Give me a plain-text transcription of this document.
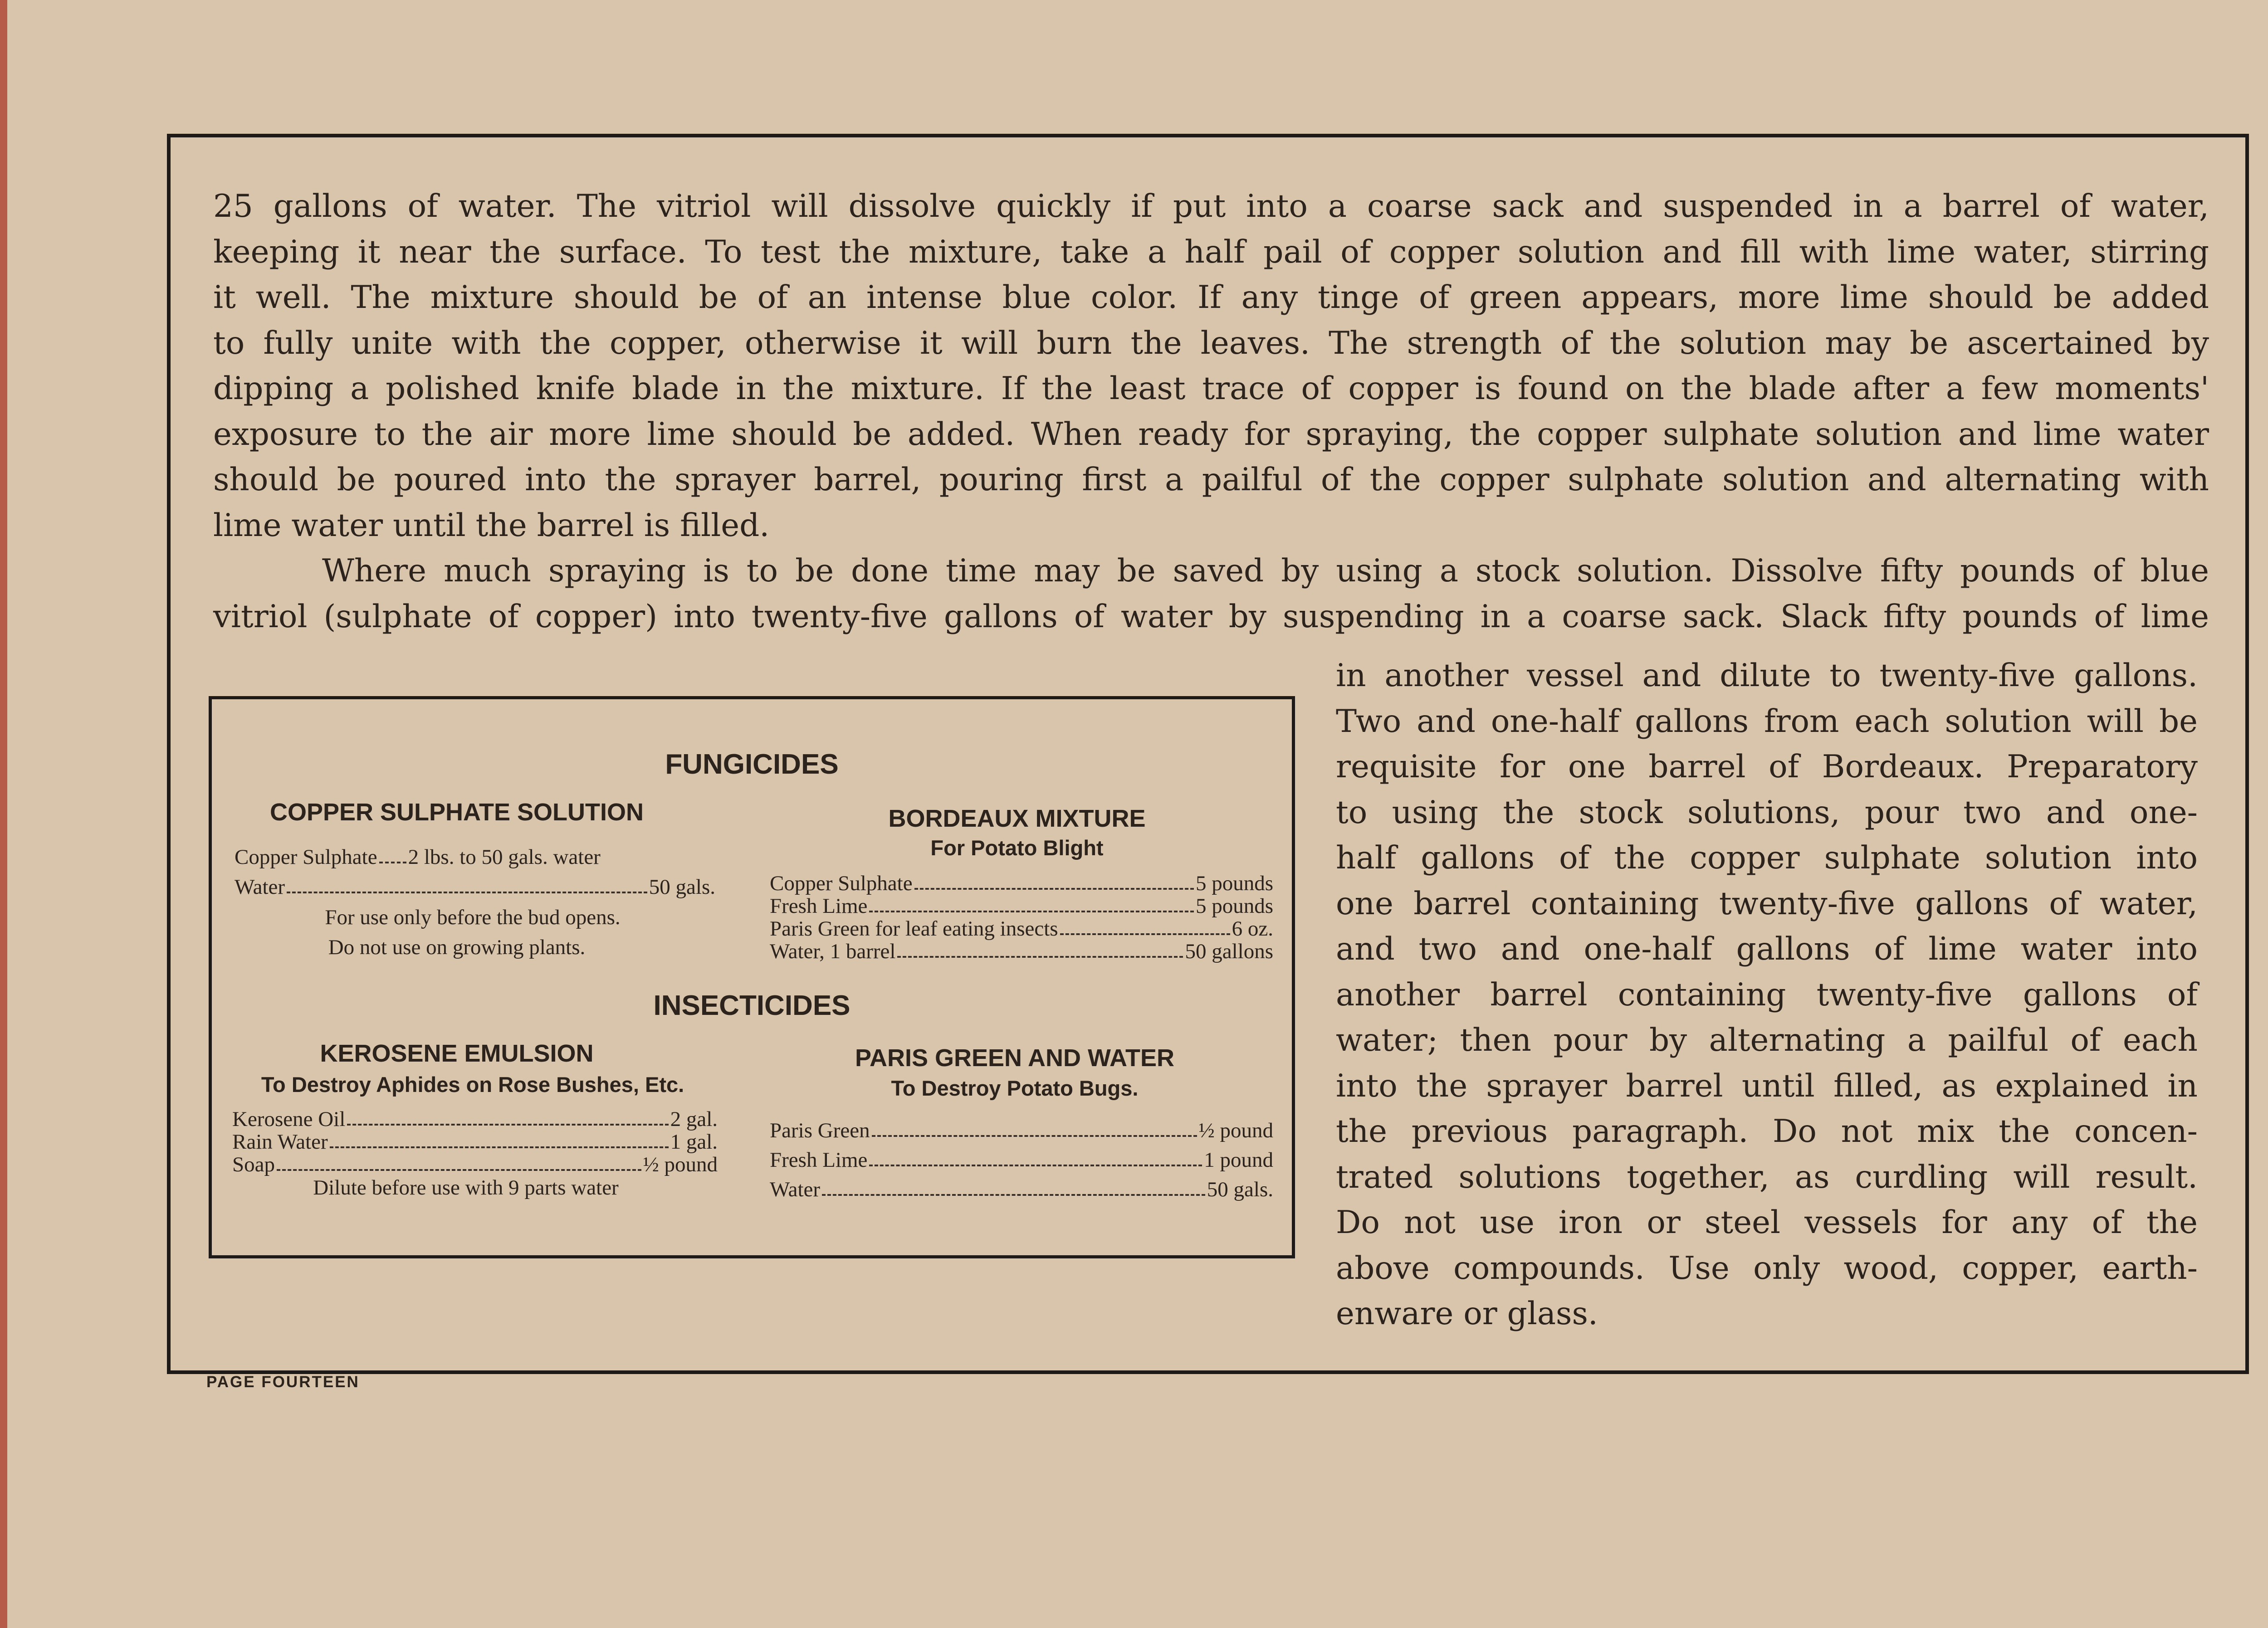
25 gallons of water. The vitriol will dissolve quickly if put into a coarse sack and suspended in a barrel of water,
keeping it near the surface. To test the mixture, take a half pail of copper solution and fill with lime water, stirring
it well. The mixture should be of an intense blue color. If any tinge of green appears, more lime should be added
to fully unite with the copper, otherwise it will burn the leaves. The strength of the solution may be ascertained by
dipping a polished knife blade in the mixture. If the least trace of copper is found on the blade after a few moments'
exposure to the air more lime should be added. When ready for spraying, the copper sulphate solution and lime water
should be poured into the sprayer barrel, pouring first a pailful of the copper sulphate solution and alternating with
lime water until the barrel is filled.
Where much spraying is to be done time may be saved by using a stock solution. Dissolve fifty pounds of blue
vitriol (sulphate of copper) into twenty-five gallons of water by suspending in a coarse sack. Slack fifty pounds of lime
in another vessel and dilute to twenty-five gallons.
Two and one-half gallons from each solution will be
requisite for one barrel of Bordeaux. Preparatory
to using the stock solutions, pour two and one-
half gallons of the copper sulphate solution into
one barrel containing twenty-five gallons of water,
and two and one-half gallons of lime water into
another barrel containing twenty-five gallons of
water; then pour by alternating a pailful of each
into the sprayer barrel until filled, as explained in
the previous paragraph. Do not mix the concen-
trated solutions together, as curdling will result.
Do not use iron or steel vessels for any of the
above compounds. Use only wood, copper, earth-
enware or glass.
FUNGICIDES
COPPER SULPHATE SOLUTION
Copper Sulphate 2 lbs. to 50 gals. water
Water	50 gals.
For use only before the bud opens.
Do not use on growing plants.
BORDEAUX MIXTURE
For Potato Blight
Copper Sulphate	5 pounds
Fresh Lime	5 pounds
Paris Green for leaf eating insects	6 oz.
Water, 1 barrel	50 gallons
INSECTICIDES
KEROSENE EMULSION
To Destroy Aphides on Rose Bushes, Etc.
Kerosene Oil	2 gal.
Rain Water	1 gal.
Soap	½ pound
Dilute before use with 9 parts water
PARIS GREEN AND WATER
To Destroy Potato Bugs.
Paris Green	½ pound
Fresh Lime	1 pound
Water	50 gals.
PAGE FOURTEEN
